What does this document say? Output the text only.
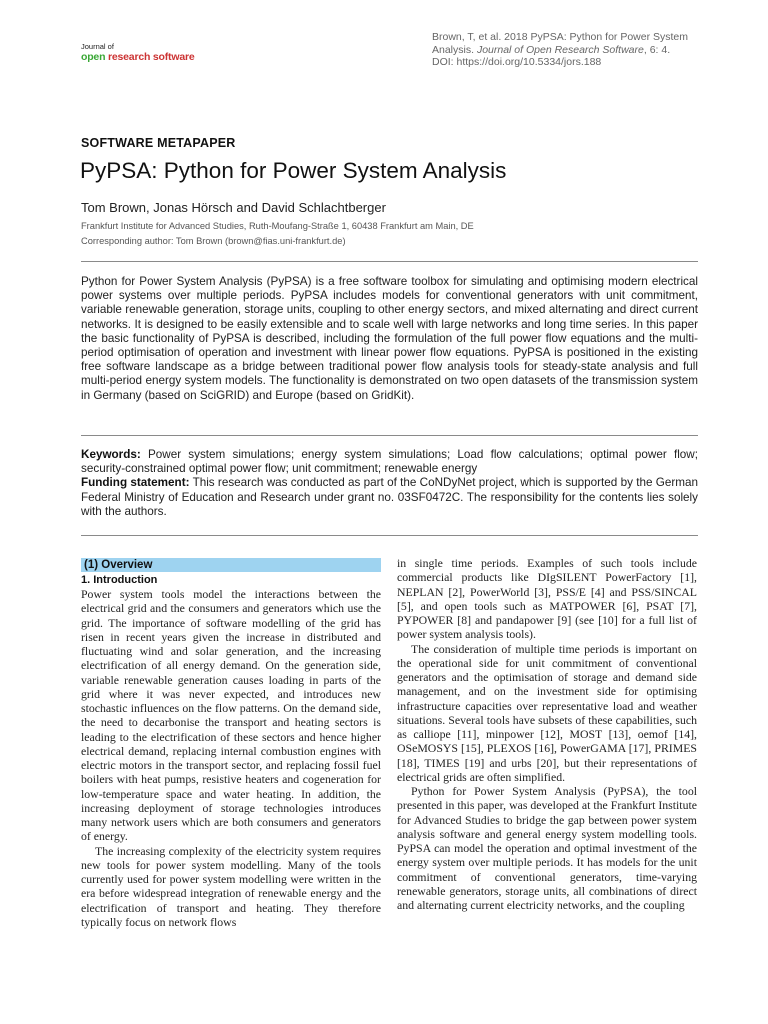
Journal of
open research software
Brown, T, et al. 2018 PyPSA: Python for Power System
Analysis. Journal of Open Research Software, 6: 4.
DOI: https://doi.org/10.5334/jors.188
SOFTWARE METAPAPER
PyPSA: Python for Power System Analysis
Tom Brown, Jonas Hörsch and David Schlachtberger
Frankfurt Institute for Advanced Studies, Ruth-Moufang-Straße 1, 60438 Frankfurt am Main, DE
Corresponding author: Tom Brown (brown@fias.uni-frankfurt.de)

Python for Power System Analysis (PyPSA) is a free software toolbox for simulating and optimising modern electrical power systems over multiple periods. PyPSA includes models for conventional generators with unit commitment, variable renewable generation, storage units, coupling to other energy sectors, and mixed alternating and direct current networks. It is designed to be easily extensible and to scale well with large networks and long time series. In this paper the basic functionality of PyPSA is described, including the formulation of the full power flow equations and the multi-period optimisation of operation and investment with linear power flow equations. PyPSA is positioned in the existing free software landscape as a bridge between traditional power flow analysis tools for steady-state analysis and full multi-period energy system models. The functionality is demonstrated on two open datasets of the transmission system in Germany (based on SciGRID) and Europe (based on GridKit).

Keywords: Power system simulations; energy system simulations; Load flow calculations; optimal power flow; security-constrained optimal power flow; unit commitment; renewable energy

Funding statement: This research was conducted as part of the CoNDyNet project, which is supported by the German Federal Ministry of Education and Research under grant no. 03SF0472C. The responsibility for the contents lies solely with the authors.

(1) Overview
1. Introduction

Power system tools model the interactions between the electrical grid and the consumers and generators which use the grid. The importance of software modelling of the grid has risen in recent years given the increase in distributed and fluctuating wind and solar generation, and the increasing electrification of all energy demand. On the generation side, variable renewable generation causes loading in parts of the grid where it was never expected, and introduces new stochastic influences on the flow patterns. On the demand side, the need to decarbonise the transport and heating sectors is leading to the electrification of these sectors and hence higher electrical demand, replacing internal combustion engines with electric motors in the transport sector, and replacing fossil fuel boilers with heat pumps, resistive heaters and cogeneration for low-temperature space and water heating. In addition, the increasing deployment of storage technologies introduces many network users which are both consumers and generators of energy.

The increasing complexity of the electricity system requires new tools for power system modelling. Many of the tools currently used for power system modelling were written in the era before widespread integration of renewable energy and the electrification of transport and heating. They therefore typically focus on network flows

in single time periods. Examples of such tools include commercial products like DIgSILENT PowerFactory [1], NEPLAN [2], PowerWorld [3], PSS/E [4] and PSS/SINCAL [5], and open tools such as MATPOWER [6], PSAT [7], PYPOWER [8] and pandapower [9] (see [10] for a full list of power system analysis tools).

The consideration of multiple time periods is important on the operational side for unit commitment of conventional generators and the optimisation of storage and demand side management, and on the investment side for optimising infrastructure capacities over representative load and weather situations. Several tools have subsets of these capabilities, such as calliope [11], minpower [12], MOST [13], oemof [14], OSeMOSYS [15], PLEXOS [16], PowerGAMA [17], PRIMES [18], TIMES [19] and urbs [20], but their representations of electrical grids are often simplified.

Python for Power System Analysis (PyPSA), the tool presented in this paper, was developed at the Frankfurt Institute for Advanced Studies to bridge the gap between power system analysis software and general energy system modelling tools. PyPSA can model the operation and optimal investment of the energy system over multiple periods. It has models for the unit commitment of conventional generators, time-varying renewable generators, storage units, all combinations of direct and alternating current electricity networks, and the coupling
